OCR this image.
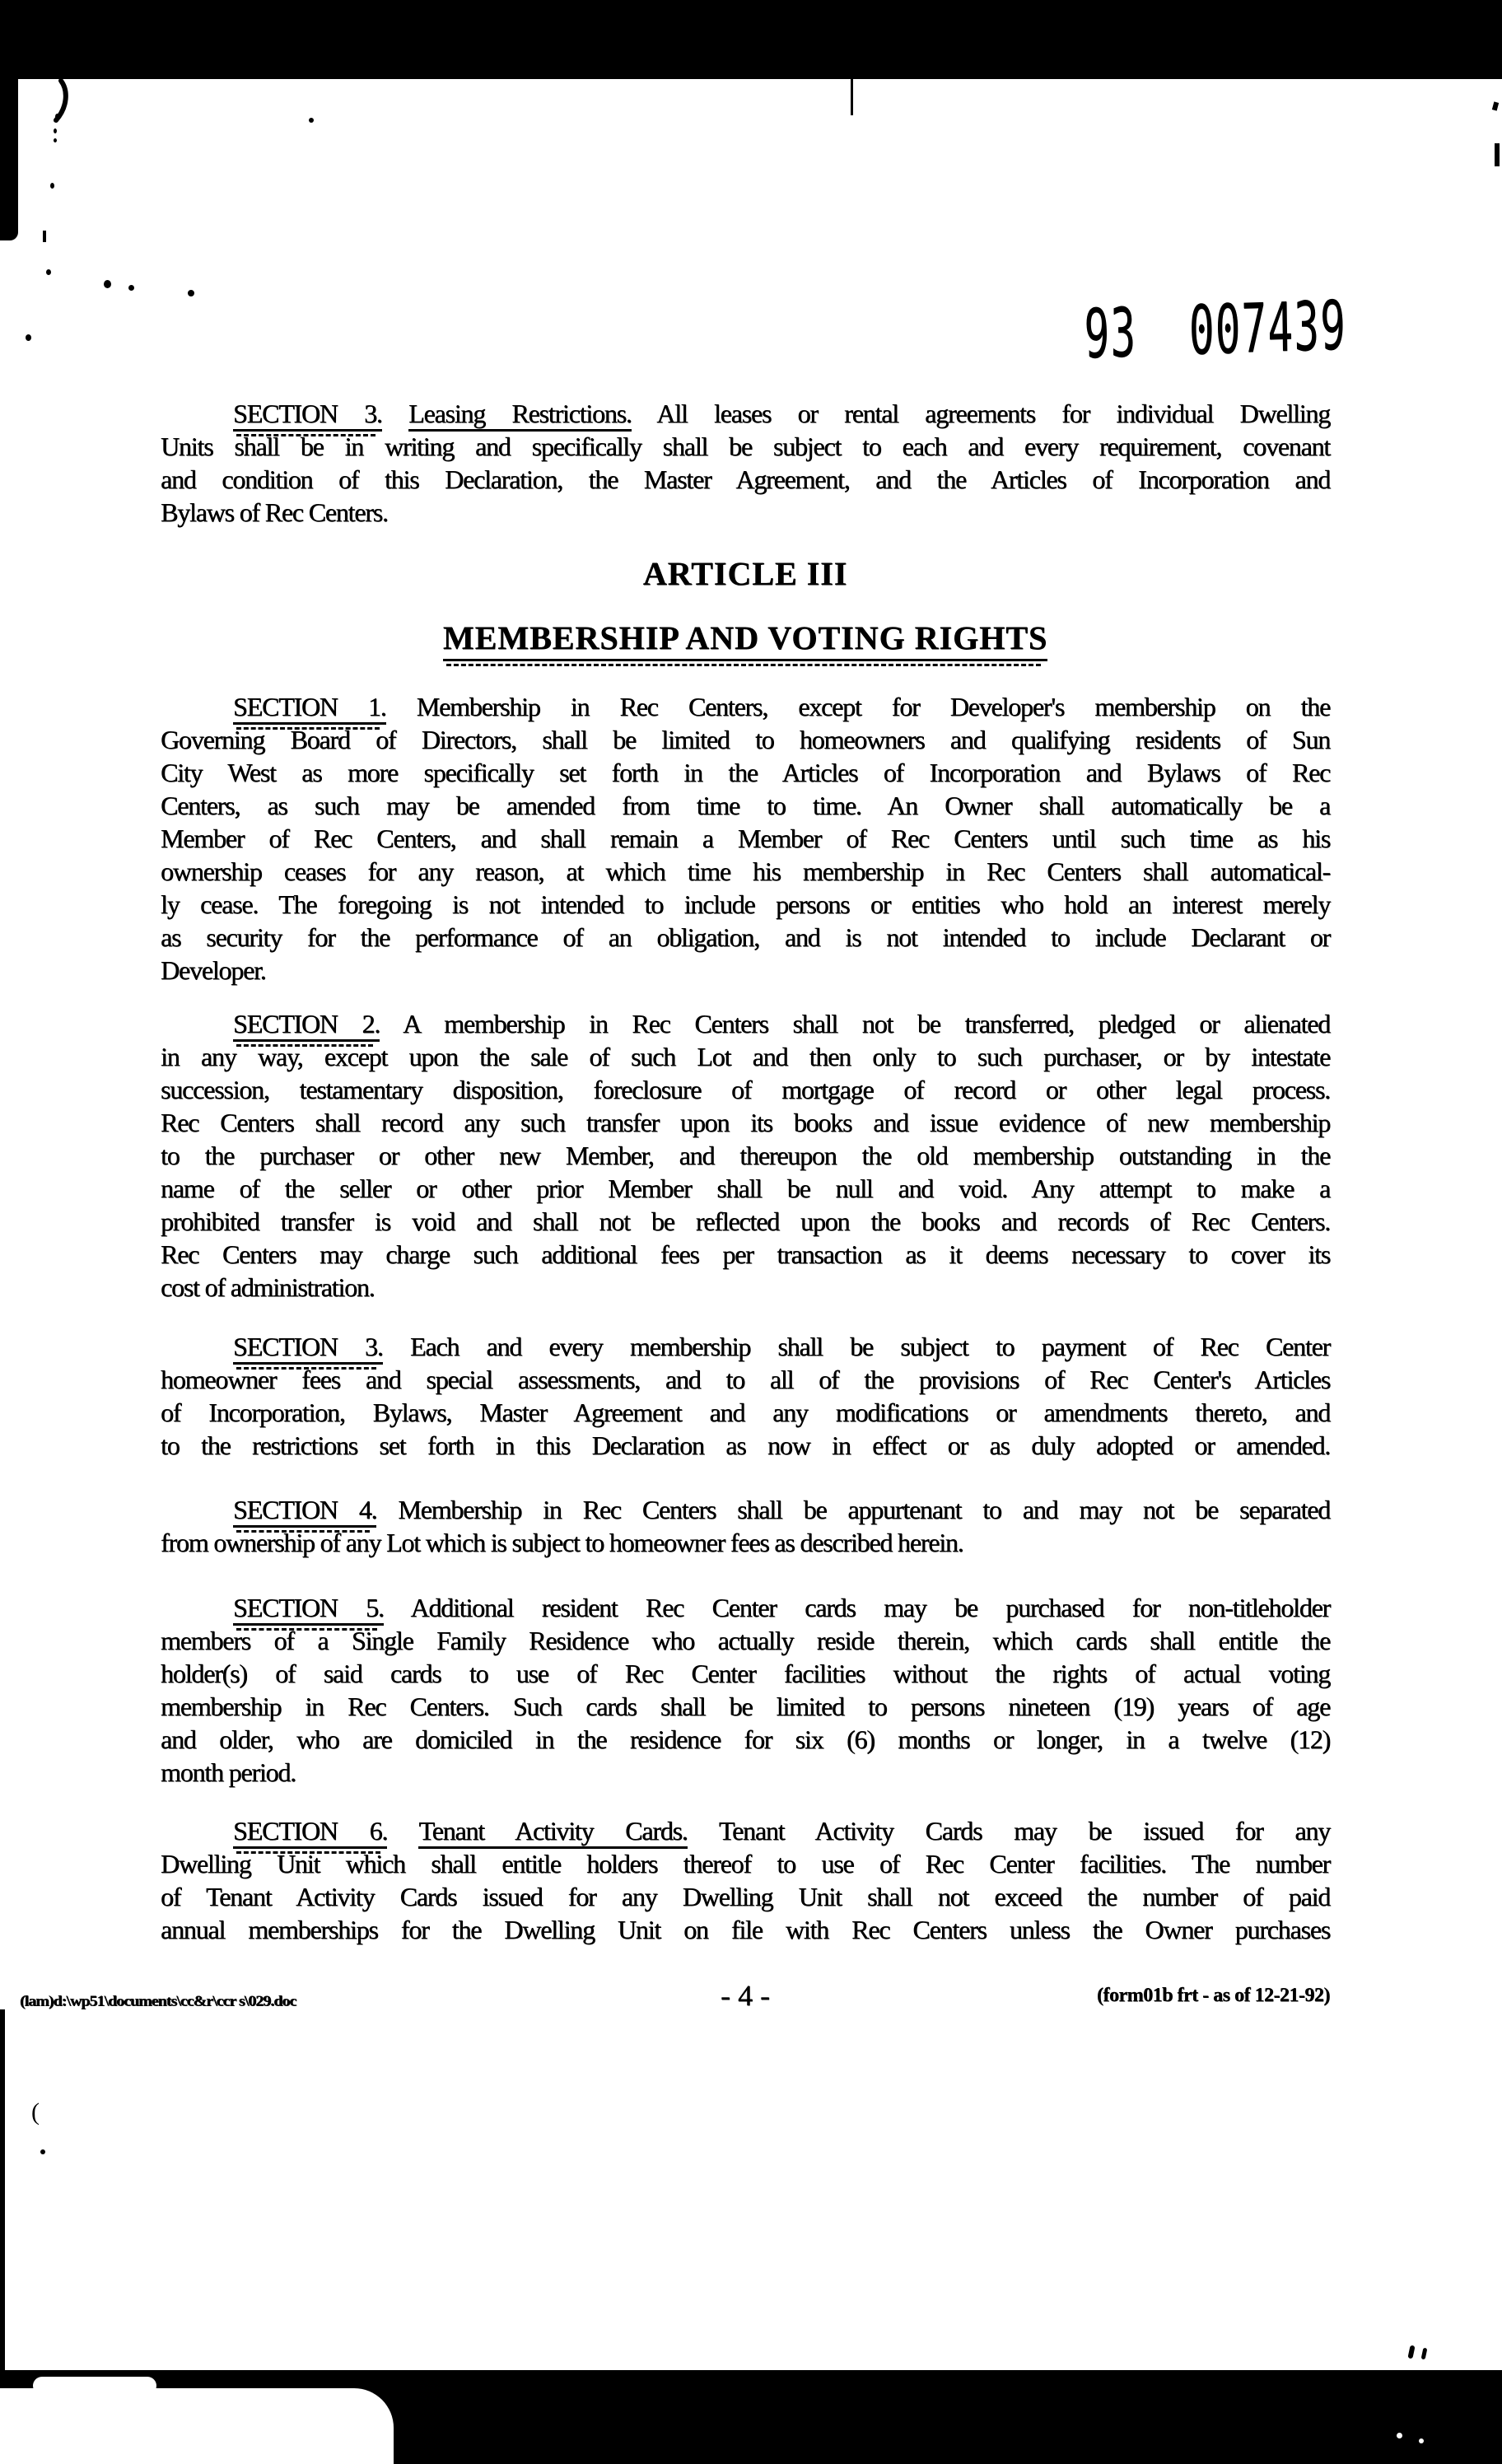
93  007439
SECTION 3. Leasing Restrictions. All leases or rental agreements for individual Dwelling
Units shall be in writing and specifically shall be subject to each and every requirement, covenant
and condition of this Declaration, the Master Agreement, and the Articles of Incorporation and
Bylaws of Rec Centers.
ARTICLE III
MEMBERSHIP AND VOTING RIGHTS
SECTION 1. Membership in Rec Centers, except for Developer's membership on the
Governing Board of Directors, shall be limited to homeowners and qualifying residents of Sun
City West as more specifically set forth in the Articles of Incorporation and Bylaws of Rec
Centers, as such may be amended from time to time. An Owner shall automatically be a
Member of Rec Centers, and shall remain a Member of Rec Centers until such time as his
ownership ceases for any reason, at which time his membership in Rec Centers shall automatical-
ly cease. The foregoing is not intended to include persons or entities who hold an interest merely
as security for the performance of an obligation, and is not intended to include Declarant or
Developer.
SECTION 2. A membership in Rec Centers shall not be transferred, pledged or alienated
in any way, except upon the sale of such Lot and then only to such purchaser, or by intestate
succession, testamentary disposition, foreclosure of mortgage of record or other legal process.
Rec Centers shall record any such transfer upon its books and issue evidence of new membership
to the purchaser or other new Member, and thereupon the old membership outstanding in the
name of the seller or other prior Member shall be null and void. Any attempt to make a
prohibited transfer is void and shall not be reflected upon the books and records of Rec Centers.
Rec Centers may charge such additional fees per transaction as it deems necessary to cover its
cost of administration.
SECTION 3. Each and every membership shall be subject to payment of Rec Center
homeowner fees and special assessments, and to all of the provisions of Rec Center's Articles
of Incorporation, Bylaws, Master Agreement and any modifications or amendments thereto, and
to the restrictions set forth in this Declaration as now in effect or as duly adopted or amended.
SECTION 4. Membership in Rec Centers shall be appurtenant to and may not be separated
from ownership of any Lot which is subject to homeowner fees as described herein.
SECTION 5. Additional resident Rec Center cards may be purchased for non-titleholder
members of a Single Family Residence who actually reside therein, which cards shall entitle the
holder(s) of said cards to use of Rec Center facilities without the rights of actual voting
membership in Rec Centers. Such cards shall be limited to persons nineteen (19) years of age
and older, who are domiciled in the residence for six (6) months or longer, in a twelve (12)
month period.
SECTION 6. Tenant Activity Cards. Tenant Activity Cards may be issued for any
Dwelling Unit which shall entitle holders thereof to use of Rec Center facilities. The number
of Tenant Activity Cards issued for any Dwelling Unit shall not exceed the number of paid
annual memberships for the Dwelling Unit on file with Rec Centers unless the Owner purchases
(lam)d:\wp51\documents\cc&r\ccr s\029.doc	- 4 -	(form01b frt - as of 12-21-92)
(
